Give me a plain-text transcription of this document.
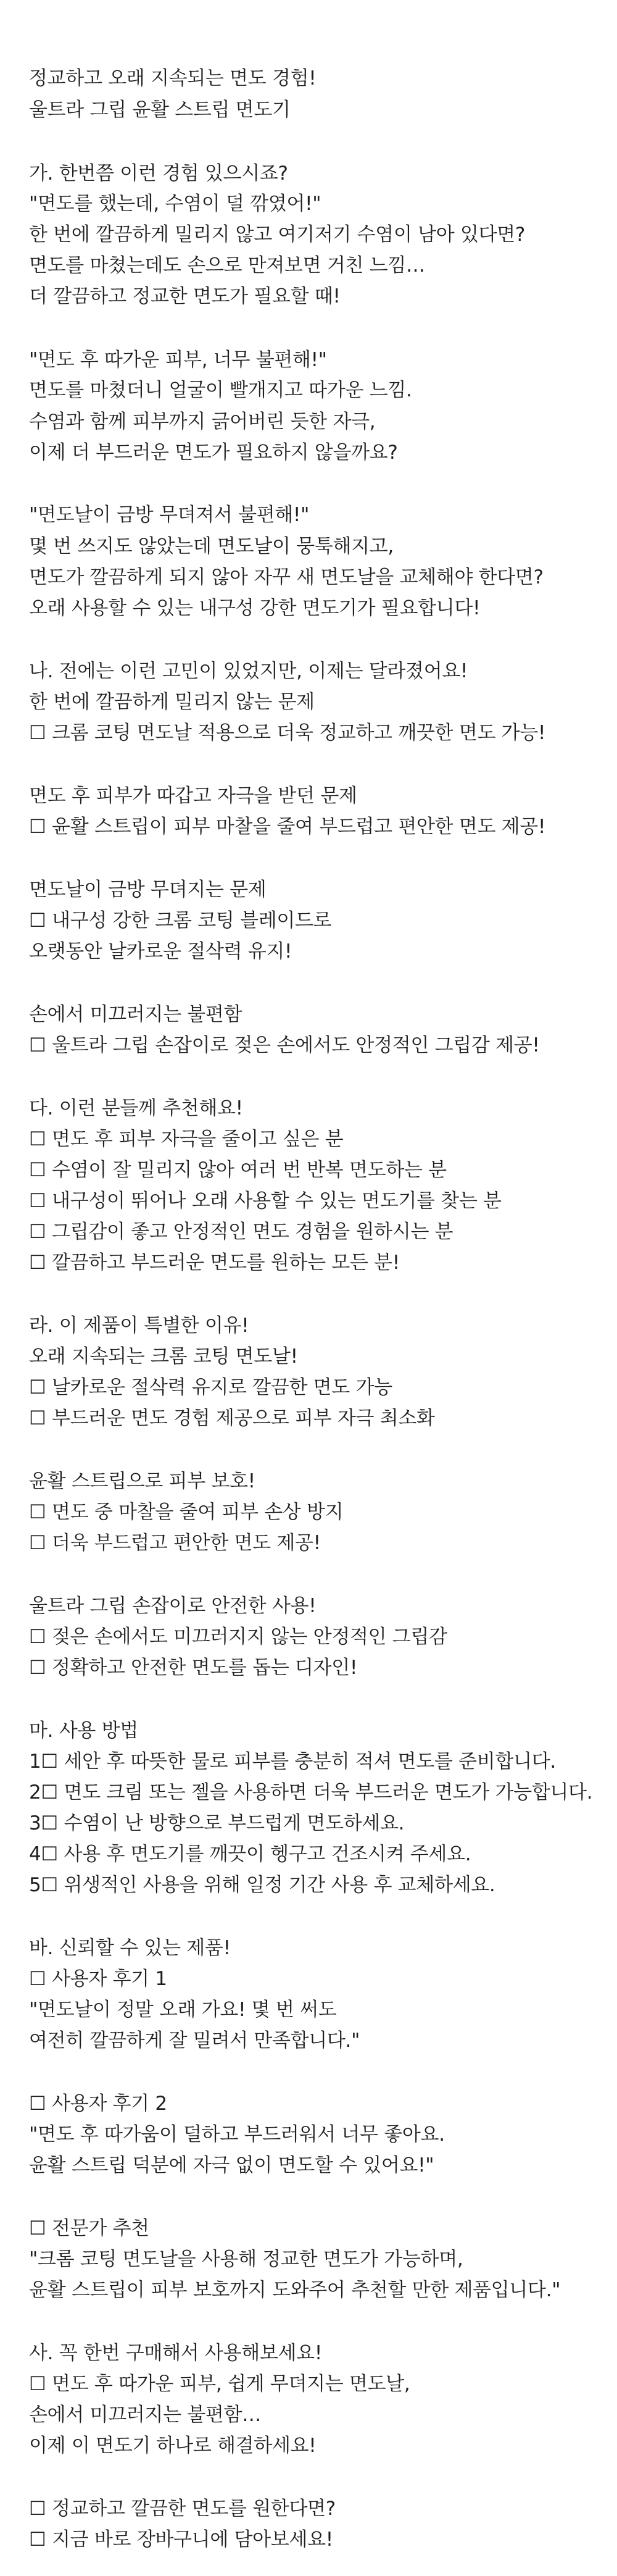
정교하고 오래 지속되는 면도 경험!
울트라 그립 윤활 스트립 면도기
가. 한번쯤 이런 경험 있으시죠?
"면도를 했는데, 수염이 덜 깎였어!"
한 번에 깔끔하게 밀리지 않고 여기저기 수염이 남아 있다면?
면도를 마쳤는데도 손으로 만져보면 거친 느낌…
더 깔끔하고 정교한 면도가 필요할 때!
"면도 후 따가운 피부, 너무 불편해!"
면도를 마쳤더니 얼굴이 빨개지고 따가운 느낌.
수염과 함께 피부까지 긁어버린 듯한 자극,
이제 더 부드러운 면도가 필요하지 않을까요?
"면도날이 금방 무뎌져서 불편해!"
몇 번 쓰지도 않았는데 면도날이 뭉툭해지고,
면도가 깔끔하게 되지 않아 자꾸 새 면도날을 교체해야 한다면?
오래 사용할 수 있는 내구성 강한 면도기가 필요합니다!
나. 전에는 이런 고민이 있었지만, 이제는 달라졌어요!
한 번에 깔끔하게 밀리지 않는 문제
☐ 크롬 코팅 면도날 적용으로 더욱 정교하고 깨끗한 면도 가능!
면도 후 피부가 따갑고 자극을 받던 문제
☐ 윤활 스트립이 피부 마찰을 줄여 부드럽고 편안한 면도 제공!
면도날이 금방 무뎌지는 문제
☐ 내구성 강한 크롬 코팅 블레이드로
오랫동안 날카로운 절삭력 유지!
손에서 미끄러지는 불편함
☐ 울트라 그립 손잡이로 젖은 손에서도 안정적인 그립감 제공!
다. 이런 분들께 추천해요!
☐ 면도 후 피부 자극을 줄이고 싶은 분
☐ 수염이 잘 밀리지 않아 여러 번 반복 면도하는 분
☐ 내구성이 뛰어나 오래 사용할 수 있는 면도기를 찾는 분
☐ 그립감이 좋고 안정적인 면도 경험을 원하시는 분
☐ 깔끔하고 부드러운 면도를 원하는 모든 분!
라. 이 제품이 특별한 이유!
오래 지속되는 크롬 코팅 면도날!
☐ 날카로운 절삭력 유지로 깔끔한 면도 가능
☐ 부드러운 면도 경험 제공으로 피부 자극 최소화
윤활 스트립으로 피부 보호!
☐ 면도 중 마찰을 줄여 피부 손상 방지
☐ 더욱 부드럽고 편안한 면도 제공!
울트라 그립 손잡이로 안전한 사용!
☐ 젖은 손에서도 미끄러지지 않는 안정적인 그립감
☐ 정확하고 안전한 면도를 돕는 디자인!
마. 사용 방법
1☐ 세안 후 따뜻한 물로 피부를 충분히 적셔 면도를 준비합니다.
2☐ 면도 크림 또는 젤을 사용하면 더욱 부드러운 면도가 가능합니다.
3☐ 수염이 난 방향으로 부드럽게 면도하세요.
4☐ 사용 후 면도기를 깨끗이 헹구고 건조시켜 주세요.
5☐ 위생적인 사용을 위해 일정 기간 사용 후 교체하세요.
바. 신뢰할 수 있는 제품!
☐ 사용자 후기 1
"면도날이 정말 오래 가요! 몇 번 써도
여전히 깔끔하게 잘 밀려서 만족합니다."
☐ 사용자 후기 2
"면도 후 따가움이 덜하고 부드러워서 너무 좋아요.
윤활 스트립 덕분에 자극 없이 면도할 수 있어요!"
☐ 전문가 추천
"크롬 코팅 면도날을 사용해 정교한 면도가 가능하며,
윤활 스트립이 피부 보호까지 도와주어 추천할 만한 제품입니다."
사. 꼭 한번 구매해서 사용해보세요!
☐ 면도 후 따가운 피부, 쉽게 무뎌지는 면도날,
손에서 미끄러지는 불편함…
이제 이 면도기 하나로 해결하세요!
☐ 정교하고 깔끔한 면도를 원한다면?
☐ 지금 바로 장바구니에 담아보세요!
